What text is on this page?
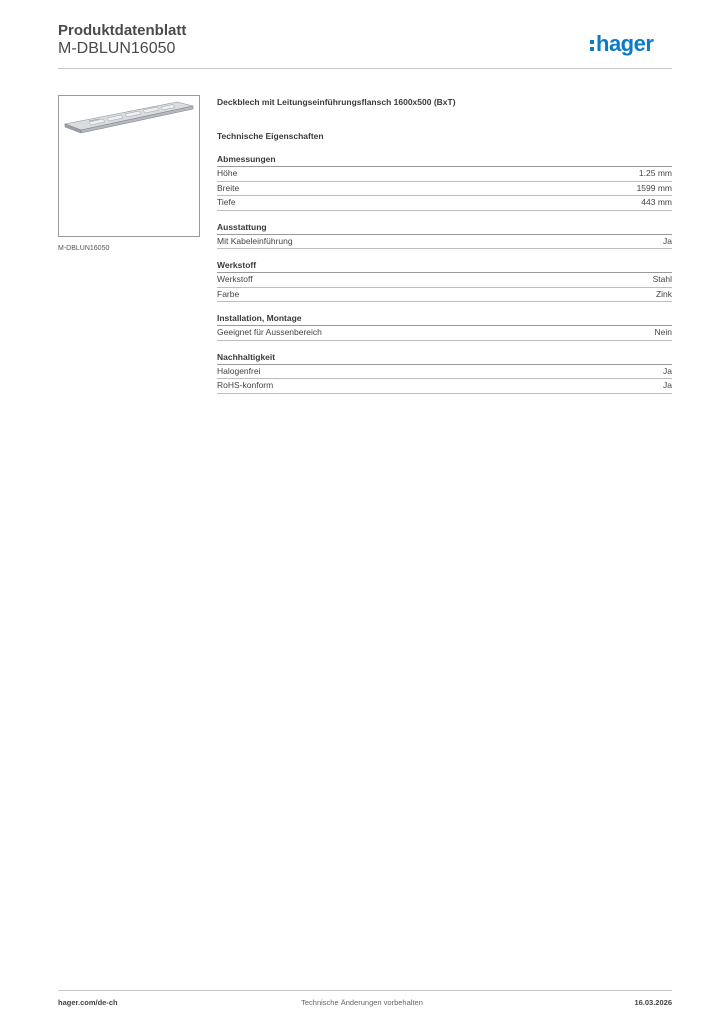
Produktdatenblatt
M-DBLUN16050	hager
M-DBLUN16050
Deckblech mit Leitungseinführungsflansch 1600x500 (BxT)
Technische Eigenschaften
Abmessungen
Höhe	1.25 mm
Breite	1599 mm
Tiefe	443 mm
Ausstattung
Mit Kabeleinführung	Ja
Werkstoff
Werkstoff	Stahl
Farbe	Zink
Installation, Montage
Geeignet für Aussenbereich	Nein
Nachhaltigkeit
Halogenfrei	Ja
RoHS-konform	Ja
hager.com/de-ch	Technische Änderungen vorbehalten	16.03.2026
